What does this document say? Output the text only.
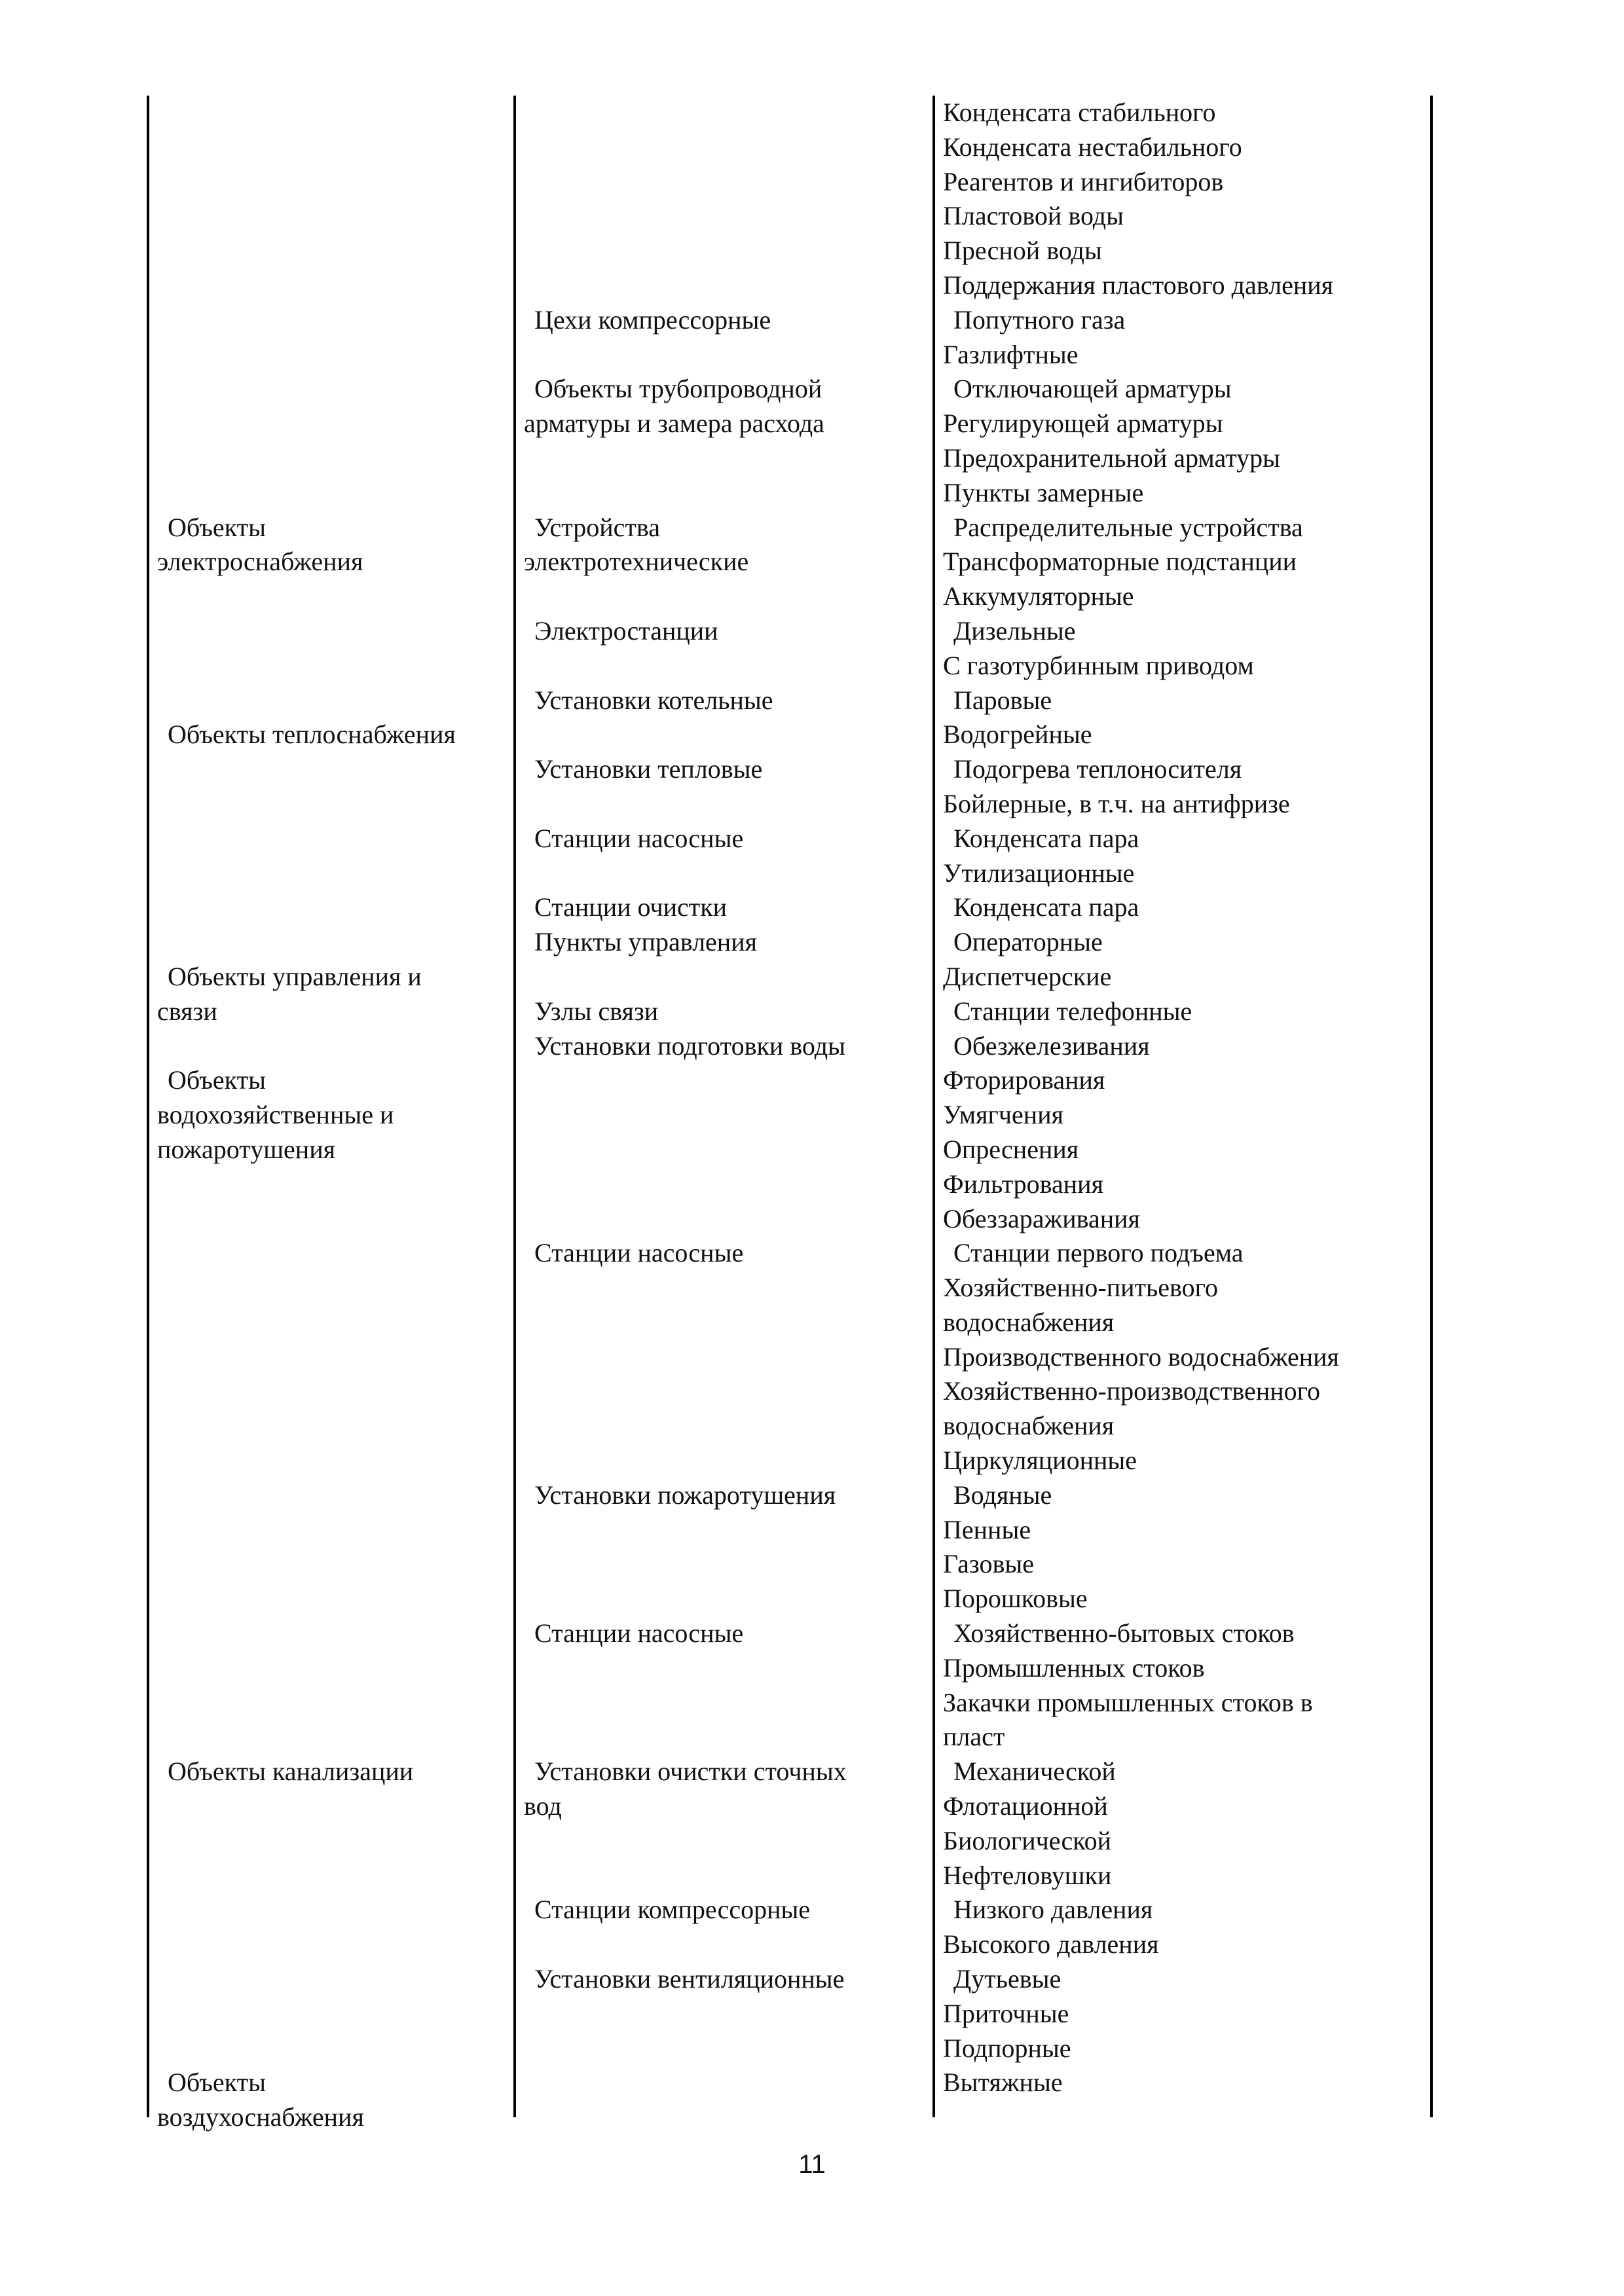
Объекты
электроснабжения
Объекты теплоснабжения
Объекты управления и
связи
Объекты
водохозяйственные и
пожаротушения
Объекты канализации
Объекты
воздухоснабжения
Цехи компрессорные
Объекты трубопроводной
арматуры и замера расхода
Устройства
электротехнические
Электростанции
Установки котельные
Установки тепловые
Станции насосные
Станции очистки
Пункты управления
Узлы связи
Установки подготовки воды
Станции насосные
Установки пожаротушения
Станции насосные
Установки очистки сточных
вод
Станции компрессорные
Установки вентиляционные
Конденсата стабильного
Конденсата нестабильного
Реагентов и ингибиторов
Пластовой воды
Пресной воды
Поддержания пластового давления
Попутного газа
Газлифтные
Отключающей арматуры
Регулирующей арматуры
Предохранительной арматуры
Пункты замерные
Распределительные устройства
Трансформаторные подстанции
Аккумуляторные
Дизельные
С газотурбинным приводом
Паровые
Водогрейные
Подогрева теплоносителя
Бойлерные, в т.ч. на антифризе
Конденсата пара
Утилизационные
Конденсата пара
Операторные
Диспетчерские
Станции телефонные
Обезжелезивания
Фторирования
Умягчения
Опреснения
Фильтрования
Обеззараживания
Станции первого подъема
Хозяйственно-питьевого
водоснабжения
Производственного водоснабжения
Хозяйственно-производственного
водоснабжения
Циркуляционные
Водяные
Пенные
Газовые
Порошковые
Хозяйственно-бытовых стоков
Промышленных стоков
Закачки промышленных стоков в
пласт
Механической
Флотационной
Биологической
Нефтеловушки
Низкого давления
Высокого давления
Дутьевые
Приточные
Подпорные
Вытяжные
11
